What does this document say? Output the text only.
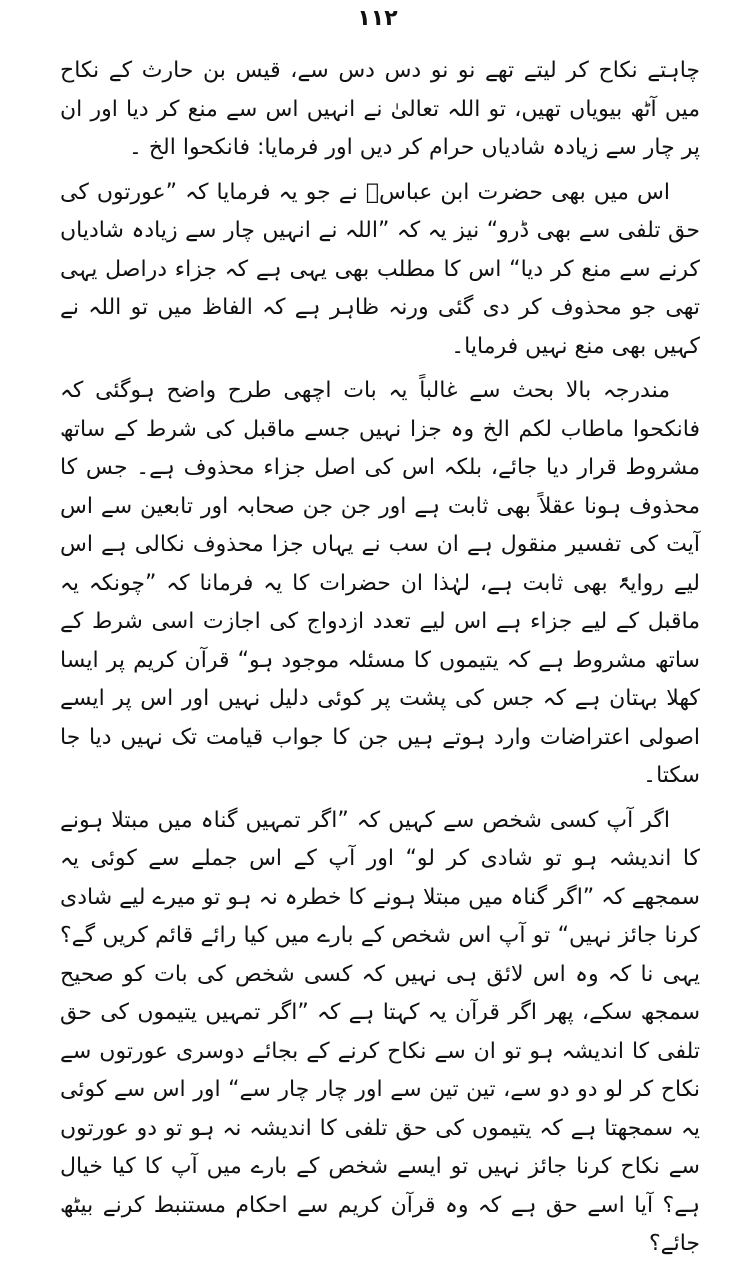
۱۱۲

چاہتے نکاح کر لیتے تھے نو نو دس دس سے، قیس بن حارث کے نکاح میں آٹھ بیویاں تھیں، تو اللہ تعالیٰ نے انہیں اس سے منع کر دیا اور ان پر چار سے زیادہ شادیاں حرام کر دیں اور فرمایا: فانکحوا الخ ۔

اس میں بھی حضرت ابن عباسؓ نے جو یہ فرمایا کہ ”عورتوں کی حق تلفی سے بھی ڈرو“ نیز یہ کہ ”اللہ نے انہیں چار سے زیادہ شادیاں کرنے سے منع کر دیا“ اس کا مطلب بھی یہی ہے کہ جزاء دراصل یہی تھی جو محذوف کر دی گئی ورنہ ظاہر ہے کہ الفاظ میں تو اللہ نے کہیں بھی منع نہیں فرمایا۔

مندرجہ بالا بحث سے غالباً یہ بات اچھی طرح واضح ہوگئی کہ فانکحوا ماطاب لکم الخ وہ جزا نہیں جسے ماقبل کی شرط کے ساتھ مشروط قرار دیا جائے، بلکہ اس کی اصل جزاء محذوف ہے۔ جس کا محذوف ہونا عقلاً بھی ثابت ہے اور جن جن صحابہ اور تابعین سے اس آیت کی تفسیر منقول ہے ان سب نے یہاں جزا محذوف نکالی ہے اس لیے روایۃً بھی ثابت ہے، لہٰذا ان حضرات کا یہ فرمانا کہ ”چونکہ یہ ماقبل کے لیے جزاء ہے اس لیے تعدد ازدواج کی اجازت اسی شرط کے ساتھ مشروط ہے کہ یتیموں کا مسئلہ موجود ہو“ قرآن کریم پر ایسا کھلا بہتان ہے کہ جس کی پشت پر کوئی دلیل نہیں اور اس پر ایسے اصولی اعتراضات وارد ہوتے ہیں جن کا جواب قیامت تک نہیں دیا جا سکتا۔

اگر آپ کسی شخص سے کہیں کہ ”اگر تمہیں گناہ میں مبتلا ہونے کا اندیشہ ہو تو شادی کر لو“ اور آپ کے اس جملے سے کوئی یہ سمجھے کہ ”اگر گناہ میں مبتلا ہونے کا خطرہ نہ ہو تو میرے لیے شادی کرنا جائز نہیں“ تو آپ اس شخص کے بارے میں کیا رائے قائم کریں گے؟ یہی نا کہ وہ اس لائق ہی نہیں کہ کسی شخص کی بات کو صحیح سمجھ سکے، پھر اگر قرآن یہ کہتا ہے کہ ”اگر تمہیں یتیموں کی حق تلفی کا اندیشہ ہو تو ان سے نکاح کرنے کے بجائے دوسری عورتوں سے نکاح کر لو دو دو سے، تین تین سے اور چار چار سے“ اور اس سے کوئی یہ سمجھتا ہے کہ یتیموں کی حق تلفی کا اندیشہ نہ ہو تو دو عورتوں سے نکاح کرنا جائز نہیں تو ایسے شخص کے بارے میں آپ کا کیا خیال ہے؟ آیا اسے حق ہے کہ وہ قرآن کریم سے احکام مستنبط کرنے بیٹھ جائے؟
